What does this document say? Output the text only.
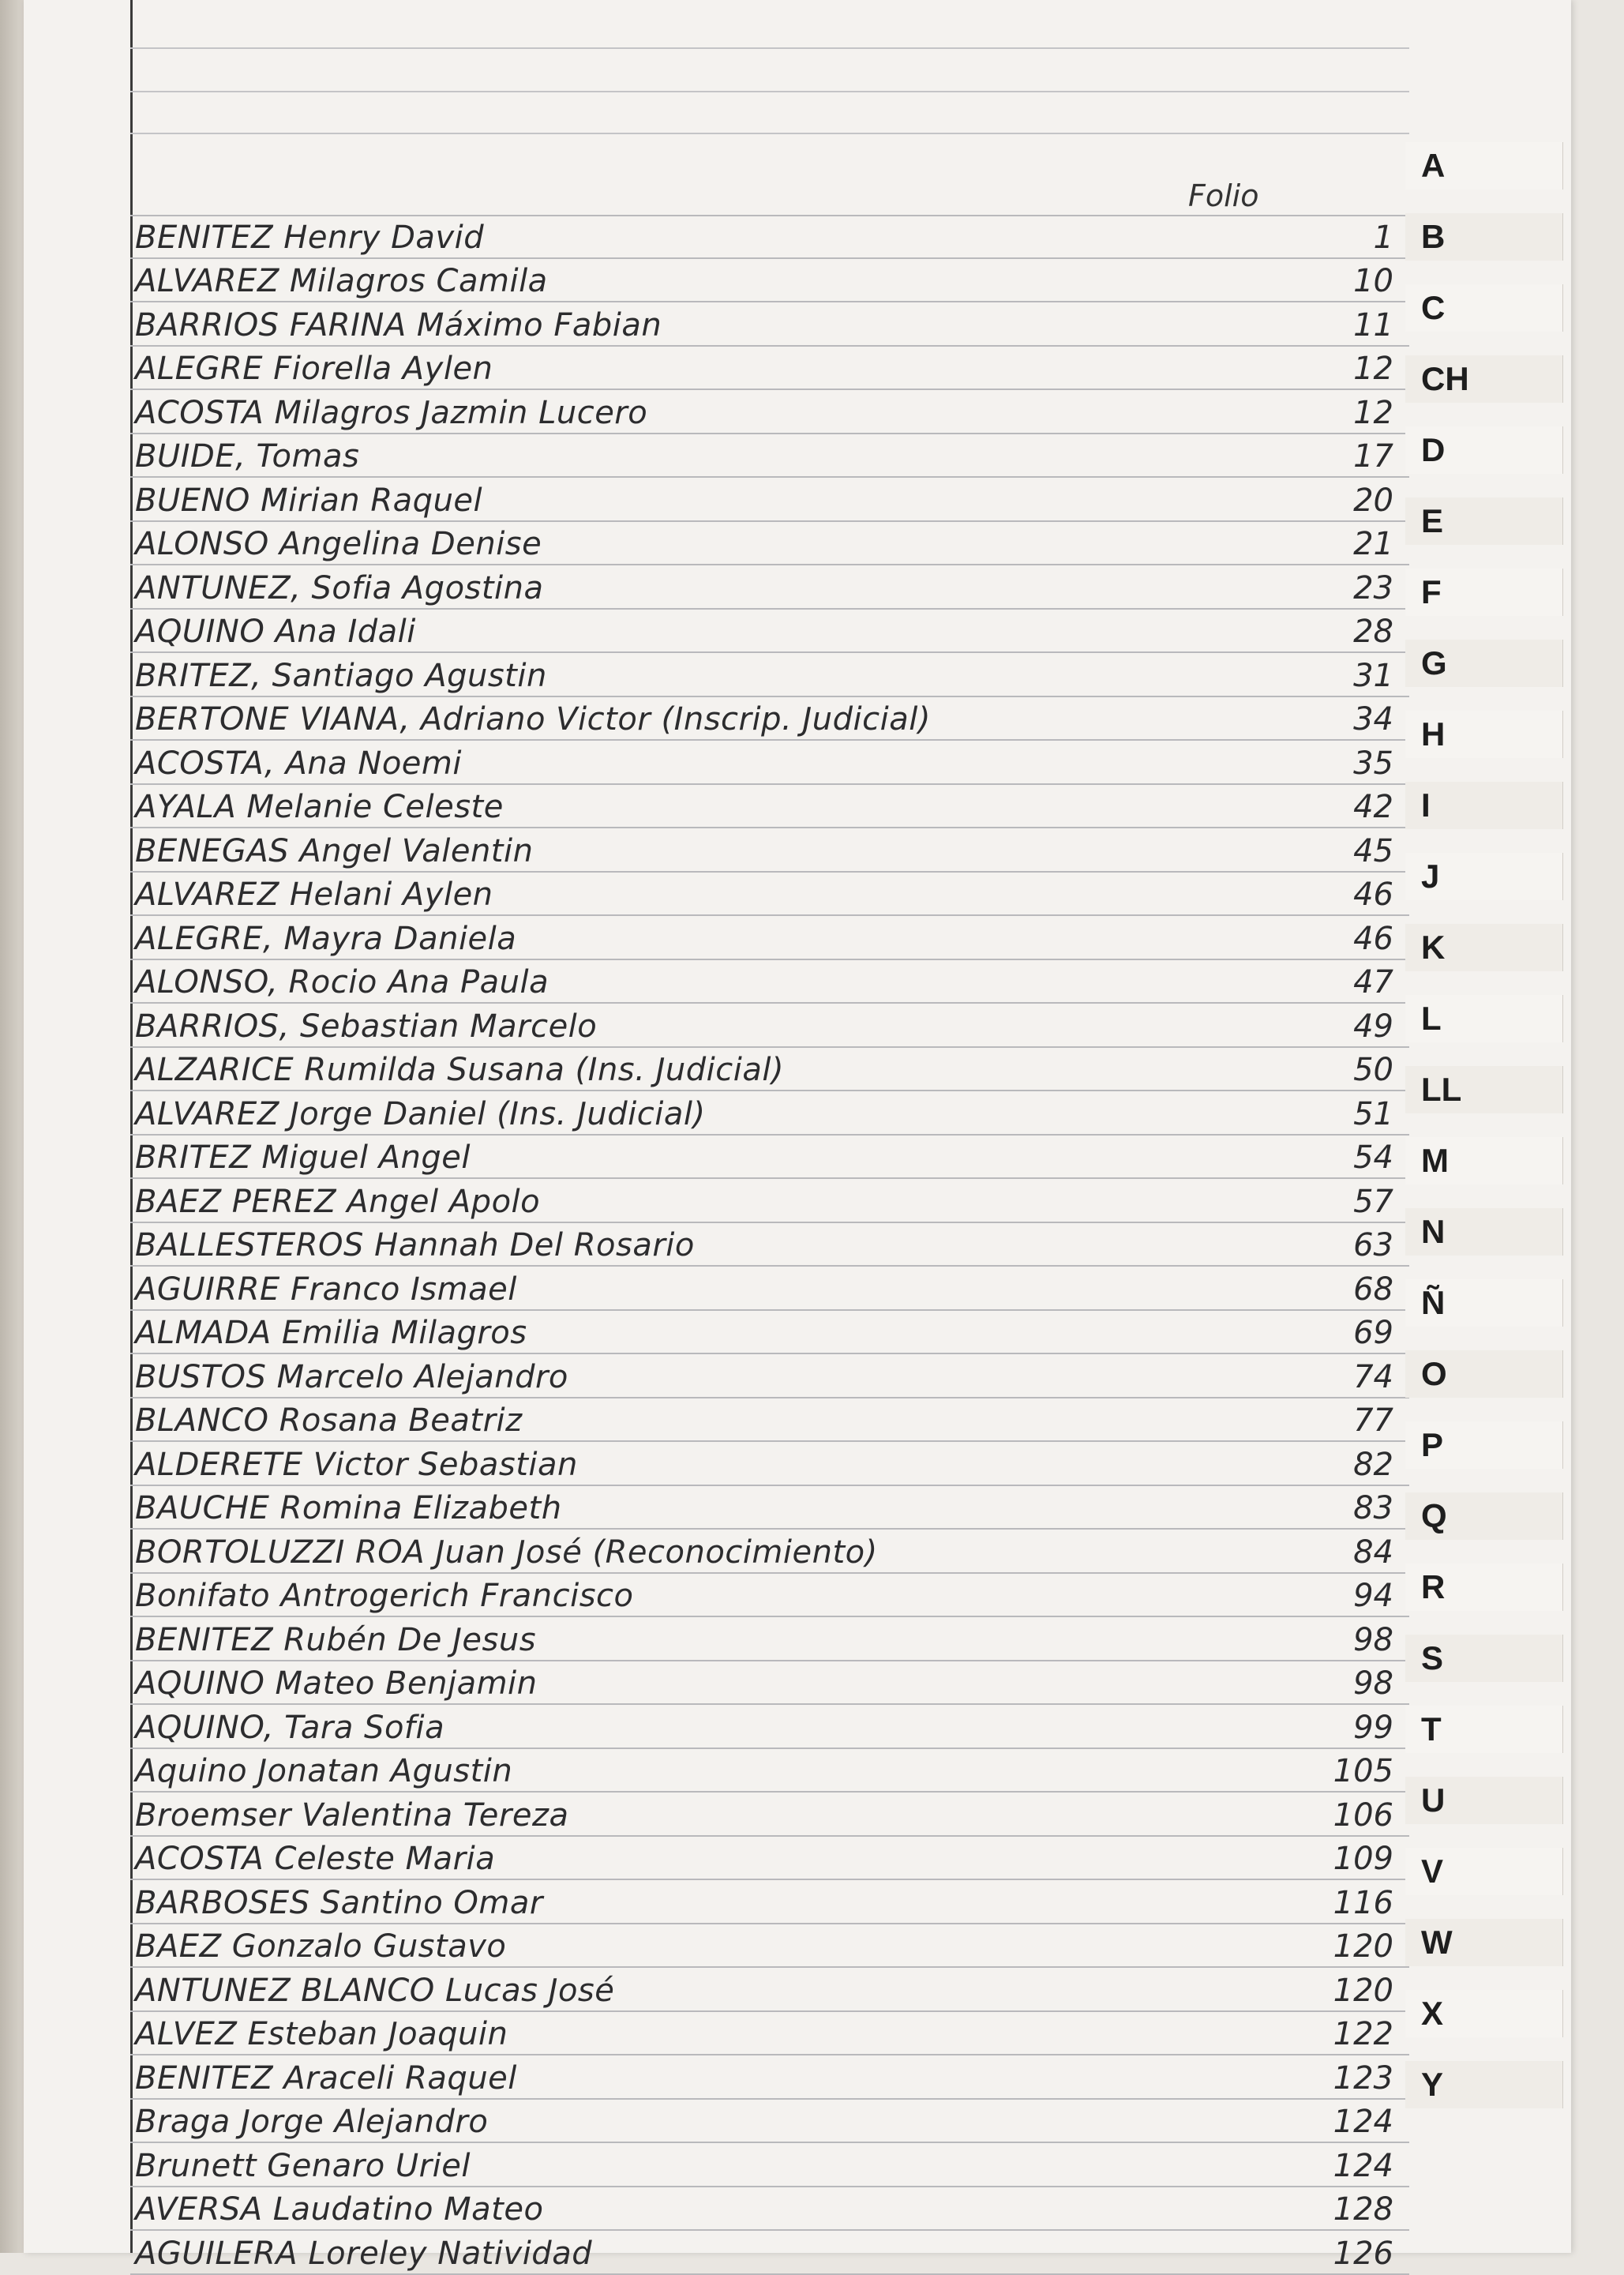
Folio
BENITEZ Henry David	1
ALVAREZ Milagros Camila	10
BARRIOS FARINA Máximo Fabian	11
ALEGRE Fiorella Aylen	12
ACOSTA Milagros Jazmin Lucero	12
BUIDE, Tomas	17
BUENO Mirian Raquel	20
ALONSO Angelina Denise	21
ANTUNEZ, Sofia Agostina	23
AQUINO Ana Idali	28
BRITEZ, Santiago Agustin	31
BERTONE VIANA, Adriano Victor (Inscrip. Judicial)	34
ACOSTA, Ana Noemi	35
AYALA Melanie Celeste	42
BENEGAS Angel Valentin	45
ALVAREZ Helani Aylen	46
ALEGRE, Mayra Daniela	46
ALONSO, Rocio Ana Paula	47
BARRIOS, Sebastian Marcelo	49
ALZARICE Rumilda Susana (Ins. Judicial)	50
ALVAREZ Jorge Daniel (Ins. Judicial)	51
BRITEZ Miguel Angel	54
BAEZ PEREZ Angel Apolo	57
BALLESTEROS Hannah Del Rosario	63
AGUIRRE Franco Ismael	68
ALMADA Emilia Milagros	69
BUSTOS Marcelo Alejandro	74
BLANCO Rosana Beatriz	77
ALDERETE Victor Sebastian	82
BAUCHE Romina Elizabeth	83
BORTOLUZZI ROA Juan José (Reconocimiento)	84
Bonifato Antrogerich Francisco	94
BENITEZ Rubén De Jesus	98
AQUINO Mateo Benjamin	98
AQUINO, Tara Sofia	99
Aquino Jonatan Agustin	105
Broemser Valentina Tereza	106
ACOSTA Celeste Maria	109
BARBOSES Santino Omar	116
BAEZ Gonzalo Gustavo	120
ANTUNEZ BLANCO Lucas José	120
ALVEZ Esteban Joaquin	122
BENITEZ Araceli Raquel	123
Braga Jorge Alejandro	124
Brunett Genaro Uriel	124
AVERSA Laudatino Mateo	128
AGUILERA Loreley Natividad	126
A
B
C
CH
D
E
F
G
H
I
J
K
L
LL
M
N
Ñ
O
P
Q
R
S
T
U
V
W
X
Y
